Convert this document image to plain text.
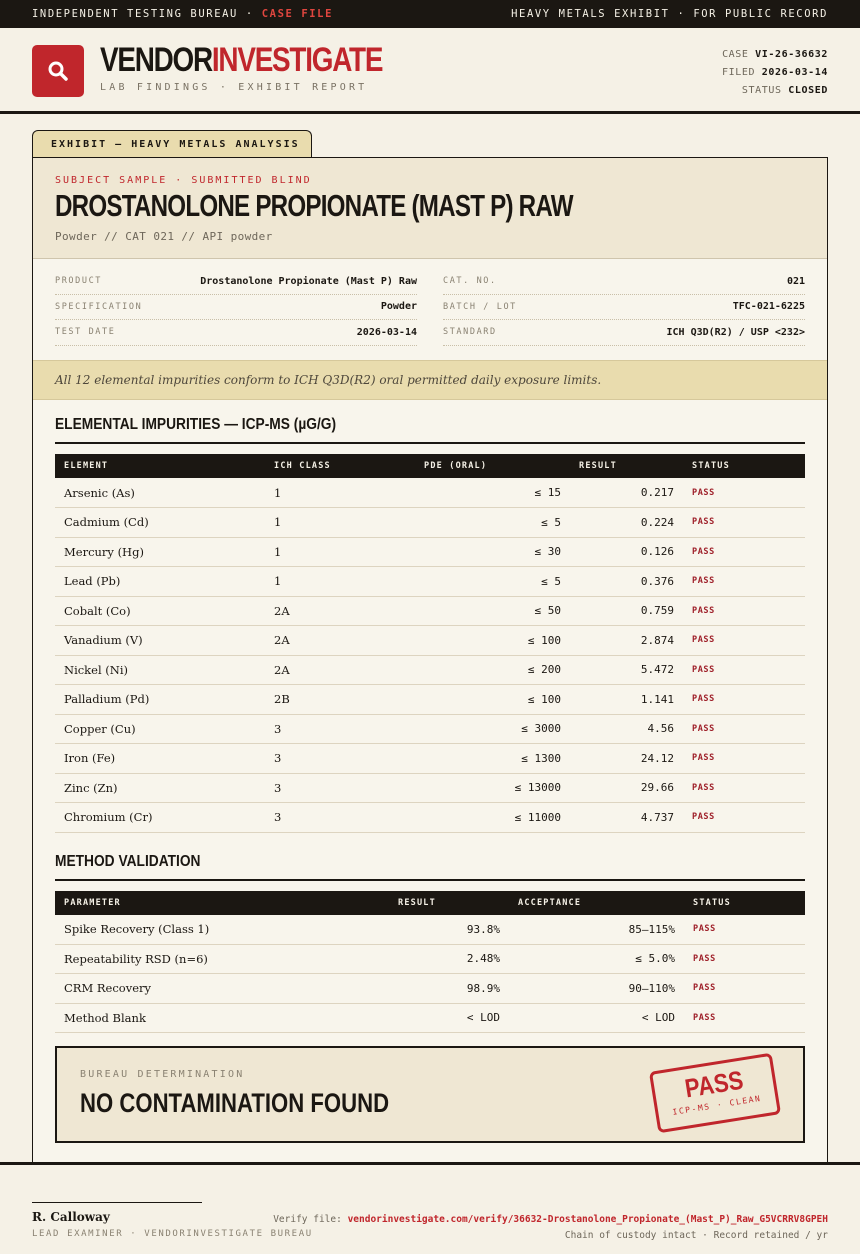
INDEPENDENT TESTING BUREAU · CASE FILE	HEAVY METALS EXHIBIT · FOR PUBLIC RECORD
VENDORINVESTIGATE
LAB FINDINGS · EXHIBIT REPORT
CASE VI-26-36632
FILED 2026-03-14
STATUS CLOSED
EXHIBIT — HEAVY METALS ANALYSIS
SUBJECT SAMPLE · SUBMITTED BLIND
DROSTANOLONE PROPIONATE (MAST P) RAW
Powder // CAT 021 // API powder
PRODUCT	Drostanolone Propionate (Mast P) Raw
SPECIFICATION	Powder
TEST DATE	2026-03-14
CAT. NO.	021
BATCH / LOT	TFC-021-6225
STANDARD	ICH Q3D(R2) / USP <232>
All 12 elemental impurities conform to ICH Q3D(R2) oral permitted daily exposure limits.
ELEMENTAL IMPURITIES — ICP-MS (µG/G)
ELEMENT	ICH CLASS	PDE (ORAL)	RESULT	STATUS
Arsenic (As)	1	≤ 15	0.217	PASS
Cadmium (Cd)	1	≤ 5	0.224	PASS
Mercury (Hg)	1	≤ 30	0.126	PASS
Lead (Pb)	1	≤ 5	0.376	PASS
Cobalt (Co)	2A	≤ 50	0.759	PASS
Vanadium (V)	2A	≤ 100	2.874	PASS
Nickel (Ni)	2A	≤ 200	5.472	PASS
Palladium (Pd)	2B	≤ 100	1.141	PASS
Copper (Cu)	3	≤ 3000	4.56	PASS
Iron (Fe)	3	≤ 1300	24.12	PASS
Zinc (Zn)	3	≤ 13000	29.66	PASS
Chromium (Cr)	3	≤ 11000	4.737	PASS
METHOD VALIDATION
PARAMETER	RESULT	ACCEPTANCE	STATUS
Spike Recovery (Class 1)	93.8%	85–115%	PASS
Repeatability RSD (n=6)	2.48%	≤ 5.0%	PASS
CRM Recovery	98.9%	90–110%	PASS
Method Blank	< LOD	< LOD	PASS
BUREAU DETERMINATION
NO CONTAMINATION FOUND	PASS
ICP-MS · CLEAN
R. Calloway
LEAD EXAMINER · VENDORINVESTIGATE BUREAU
Verify file: vendorinvestigate.com/verify/36632-Drostanolone_Propionate_(Mast_P)_Raw_G5VCRRV8GPEH
Chain of custody intact · Record retained / yr
